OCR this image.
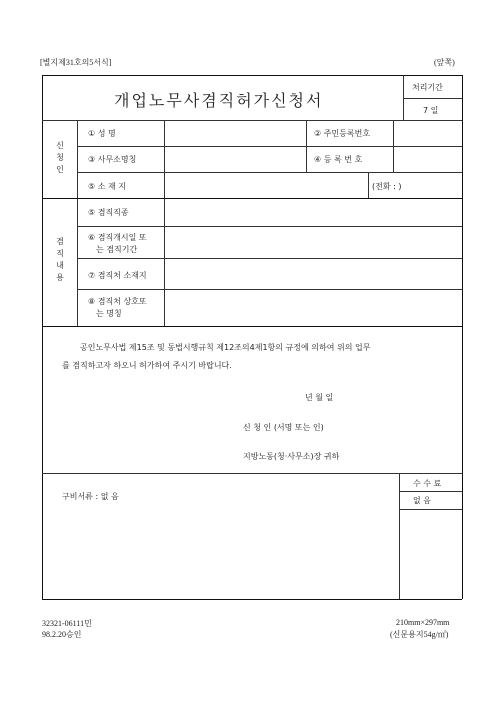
[별지제31호의5서식]	(앞쪽)
개업노무사겸직허가신청서
처리기간
7 일
신청인
① 성 명	② 주민등록번호
③ 사무소명칭	④ 등 록 번 호
⑤ 소 재 지	(전화 : )
겸직내용
⑤ 겸직직종
⑥ 겸직개시일 또
는 겸직기간
⑦ 겸직처 소재지
⑧ 겸직처 상호또
는 명칭
공인노무사법 제15조 및 동법시행규칙 제12조의4제1항의 규정에 의하여 위의 업무
를 겸직하고자 하오니 허가하여 주시기 바랍니다.
년 월 일
신 청 인 (서명 또는 인)
지방노동(청·사무소)장 귀하
구비서류 : 없 음
수 수 료
없 음
32321-06111민
98.2.20승인
210mm×297mm
(신문용지54g/㎡)
